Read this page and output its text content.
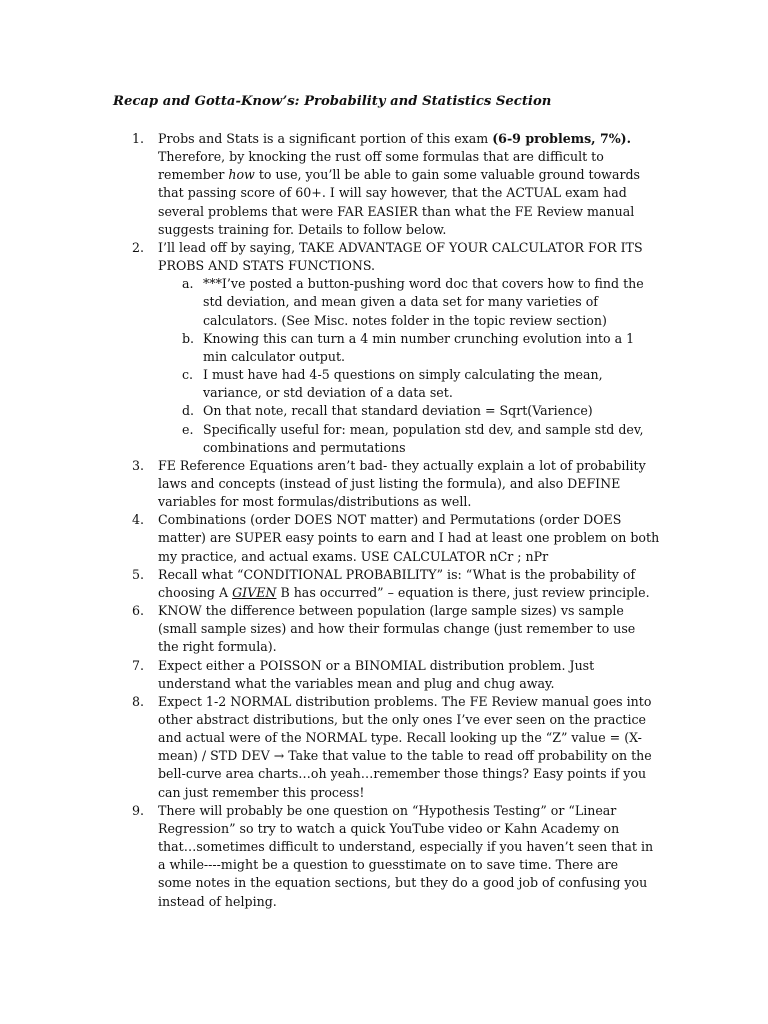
Recap and Gotta-Know’s: Probability and Statistics Section
1.	Probs and Stats is a significant portion of this exam (6-9 problems, 7%).
Therefore, by knocking the rust off some formulas that are difficult to
remember how to use, you’ll be able to gain some valuable ground towards
that passing score of 60+. I will say however, that the ACTUAL exam had
several problems that were FAR EASIER than what the FE Review manual
suggests training for. Details to follow below.
2.	I’ll lead off by saying, TAKE ADVANTAGE OF YOUR CALCULATOR FOR ITS
PROBS AND STATS FUNCTIONS.
a. ***I’ve posted a button-pushing word doc that covers how to find the
std deviation, and mean given a data set for many varieties of
calculators. (See Misc. notes folder in the topic review section)
b. Knowing this can turn a 4 min number crunching evolution into a 1
min calculator output.
c. I must have had 4-5 questions on simply calculating the mean,
variance, or std deviation of a data set.
d. On that note, recall that standard deviation = Sqrt(Varience)
e. Specifically useful for: mean, population std dev, and sample std dev,
combinations and permutations
3.	FE Reference Equations aren’t bad- they actually explain a lot of probability
laws and concepts (instead of just listing the formula), and also DEFINE
variables for most formulas/distributions as well.
4.	Combinations (order DOES NOT matter) and Permutations (order DOES
matter) are SUPER easy points to earn and I had at least one problem on both
my practice, and actual exams. USE CALCULATOR nCr ; nPr
5.	Recall what “CONDITIONAL PROBABILITY” is: “What is the probability of
choosing A GIVEN B has occurred” – equation is there, just review principle.
6.	KNOW the difference between population (large sample sizes) vs sample
(small sample sizes) and how their formulas change (just remember to use
the right formula).
7.	Expect either a POISSON or a BINOMIAL distribution problem. Just
understand what the variables mean and plug and chug away.
8.	Expect 1-2 NORMAL distribution problems. The FE Review manual goes into
other abstract distributions, but the only ones I’ve ever seen on the practice
and actual were of the NORMAL type. Recall looking up the “Z” value = (X-
mean) / STD DEV → Take that value to the table to read off probability on the
bell-curve area charts…oh yeah…remember those things? Easy points if you
can just remember this process!
9.	There will probably be one question on “Hypothesis Testing” or “Linear
Regression” so try to watch a quick YouTube video or Kahn Academy on
that…sometimes difficult to understand, especially if you haven’t seen that in
a while----might be a question to guesstimate on to save time. There are
some notes in the equation sections, but they do a good job of confusing you
instead of helping.
